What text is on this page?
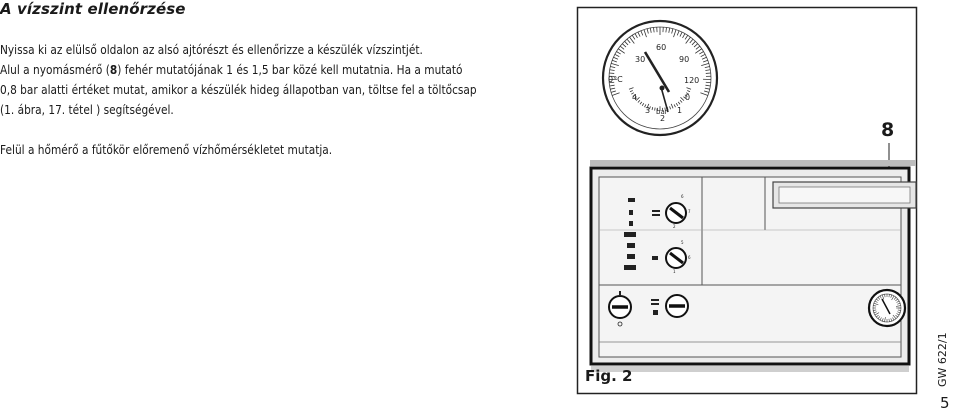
A vízszint ellenőrzése
Nyissa ki az elülső oldalon az alsó ajtórészt és ellenőrizze a készülék vízszintjét.
Alul a nyomásmérő (8) fehér mutatójának 1 és 1,5 bar közé kell mutatnia. Ha a mutató
0,8 bar alatti értéket mutat, amikor a készülék hideg állapotban van, töltse fel a töltőcsap
(1. ábra, 17. tétel ) segítségével.
Felül a hőmérő a fűtőkör előremenő vízhőmérsékletet mutatja.
0°C
30
60
90
120
4
3
2
1
0
bar
6
7
2
5
6
1
Fig. 2
8
GW 622/1
5
